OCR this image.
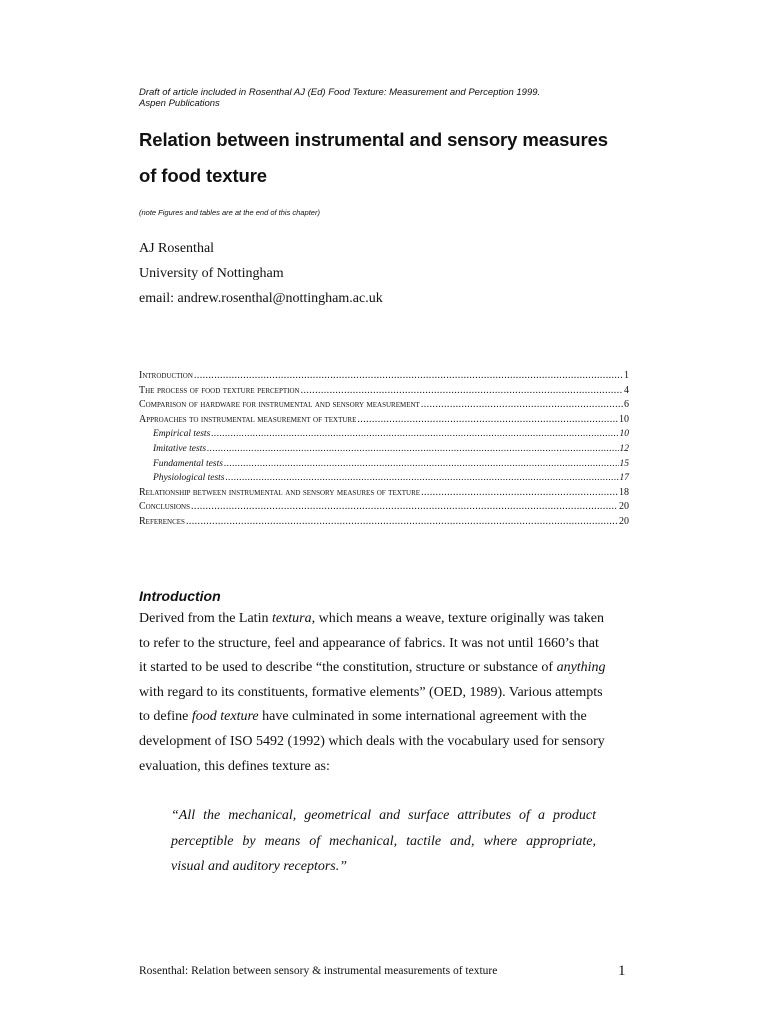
Draft of article included in Rosenthal AJ (Ed) Food Texture: Measurement and Perception 1999.
Aspen Publications
Relation between instrumental and sensory measures
of food texture
(note Figures and tables are at the end of this chapter)
AJ Rosenthal
University of Nottingham
email: andrew.rosenthal@nottingham.ac.uk
Introduction .....	1
The process of food texture perception .....	4
Comparison of hardware for instrumental and sensory measurement .....	6
Approaches to instrumental measurement of texture .....	10
Empirical tests .....	10
Imitative tests .....	12
Fundamental tests .....	15
Physiological tests .....	17
Relationship between instrumental and sensory measures of texture .....	18
Conclusions .....	20
References .....	20
Introduction
Derived from the Latin textura, which means a weave, texture originally was taken
to refer to the structure, feel and appearance of fabrics. It was not until 1660’s that
it started to be used to describe “the constitution, structure or substance of anything
with regard to its constituents, formative elements” (OED, 1989). Various attempts
to define food texture have culminated in some international agreement with the
development of ISO 5492 (1992) which deals with the vocabulary used for sensory
evaluation, this defines texture as:
“All the mechanical, geometrical and surface attributes of a product
perceptible by means of mechanical, tactile and, where appropriate,
visual and auditory receptors.”
Rosenthal: Relation between sensory & instrumental measurements of texture	1
